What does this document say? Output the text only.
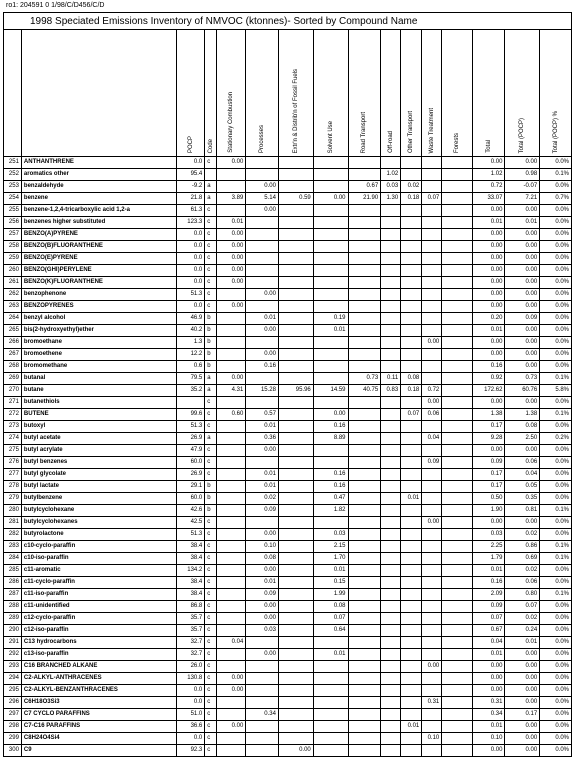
ro1: 204591 0 1/98/C/D456/C/D
1998 Speciated Emissions Inventory of NMVOC (ktonnes)- Sorted by Compound Name

		POCP	Code	Stationary Combustion	Processes	Extr'n & Distrib'n of Fossil Fuels	Solvent Use	Road Transport	Off-road	Other Transport	Waste Treatment	Forests	Total	Total (POCP)	Total (POCP) %

251	ANTHANTHRENE	0.0	c	0.00									0.00	0.00	0.0%
252	aromatics other	95.4							1.02				1.02	0.98	0.1%
253	benzaldehyde	-9.2	a		0.00			0.67	0.03	0.02			0.72	-0.07	0.0%
254	benzene	21.8	a	3.89	5.14	0.59	0.00	21.90	1.30	0.18	0.07		33.07	7.21	0.7%
255	benzene-1,2,4-tricarboxylic acid 1,2-a	61.3	c		0.00								0.00	0.00	0.0%
256	benzenes higher substituted	123.3	c	0.01									0.01	0.01	0.0%
257	BENZO(A)PYRENE	0.0	c	0.00									0.00	0.00	0.0%
258	BENZO(B)FLUORANTHENE	0.0	c	0.00									0.00	0.00	0.0%
259	BENZO(E)PYRENE	0.0	c	0.00									0.00	0.00	0.0%
260	BENZO(GHI)PERYLENE	0.0	c	0.00									0.00	0.00	0.0%
261	BENZO(K)FLUORANTHENE	0.0	c	0.00									0.00	0.00	0.0%
262	benzophenone	51.3	c		0.00								0.00	0.00	0.0%
263	BENZOPYRENES	0.0	c	0.00									0.00	0.00	0.0%
264	benzyl alcohol	46.9	b		0.01		0.19						0.20	0.09	0.0%
265	bis(2-hydroxyethyl)ether	40.2	b		0.00		0.01						0.01	0.00	0.0%
266	bromoethane	1.3	b								0.00		0.00	0.00	0.0%
267	bromoethene	12.2	b		0.00								0.00	0.00	0.0%
268	bromomethane	0.6	b		0.16								0.16	0.00	0.0%
269	butanal	79.5	a	0.00				0.73	0.11	0.08			0.92	0.73	0.1%
270	butane	35.2	a	4.31	15.28	95.96	14.59	40.75	0.83	0.18	0.72		172.62	60.76	5.8%
271	butanethiols		c								0.00		0.00	0.00	0.0%
272	BUTENE	99.6	c	0.60	0.57		0.00			0.07	0.06		1.38	1.38	0.1%
273	butoxyl	51.3	c		0.01		0.16						0.17	0.08	0.0%
274	butyl acetate	26.9	a		0.36		8.89				0.04		9.28	2.50	0.2%
275	butyl acrylate	47.9	c		0.00								0.00	0.00	0.0%
276	butyl benzenes	60.0	c								0.09		0.09	0.06	0.0%
277	butyl glycolate	26.9	c		0.01		0.16						0.17	0.04	0.0%
278	butyl lactate	29.1	b		0.01		0.16						0.17	0.05	0.0%
279	butylbenzene	60.0	b		0.02		0.47			0.01			0.50	0.35	0.0%
280	butylcyclohexane	42.6	b		0.09		1.82						1.90	0.81	0.1%
281	butylcyclohexanes	42.5	c								0.00		0.00	0.00	0.0%
282	butyrolactone	51.3	c		0.00		0.03						0.03	0.02	0.0%
283	c10-cyclo-paraffin	38.4	c		0.10		2.15						2.25	0.86	0.1%
284	c10-iso-paraffin	38.4	c		0.08		1.70						1.79	0.69	0.1%
285	c11-aromatic	134.2	c		0.00		0.01						0.01	0.02	0.0%
286	c11-cyclo-paraffin	38.4	c		0.01		0.15						0.16	0.06	0.0%
287	c11-iso-paraffin	38.4	c		0.09		1.99						2.09	0.80	0.1%
288	c11-unidentified	86.8	c		0.00		0.08						0.09	0.07	0.0%
289	c12-cyclo-paraffin	35.7	c		0.00		0.07						0.07	0.02	0.0%
290	c12-iso-paraffin	35.7	c		0.03		0.64						0.67	0.24	0.0%
291	C13 hydrocarbons	32.7	c	0.04									0.04	0.01	0.0%
292	c13-iso-paraffin	32.7	c		0.00		0.01						0.01	0.00	0.0%
293	C16 BRANCHED ALKANE	26.0	c								0.00		0.00	0.00	0.0%
294	C2-ALKYL-ANTHRACENES	130.8	c	0.00									0.00	0.00	0.0%
295	C2-ALKYL-BENZANTHRACENES	0.0	c	0.00									0.00	0.00	0.0%
296	C6H18O3Si3	0.0	c								0.31		0.31	0.00	0.0%
297	C7 CYCLO PARAFFINS	51.0	c		0.34								0.34	0.17	0.0%
298	C7-C16 PARAFFINS	36.6	c	0.00						0.01			0.01	0.00	0.0%
299	C8H24O4Si4	0.0	c								0.10		0.10	0.00	0.0%
300	C9	92.3	c			0.00							0.00	0.00	0.0%
